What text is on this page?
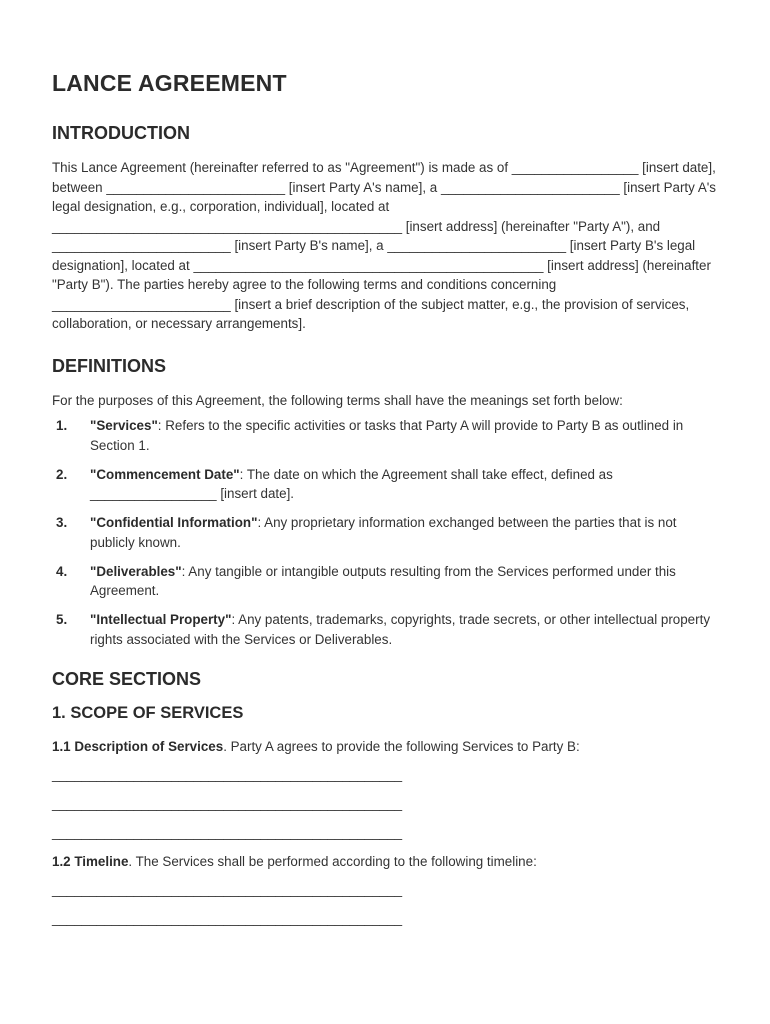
LANCE AGREEMENT
INTRODUCTION

This Lance Agreement (hereinafter referred to as "Agreement") is made as of _________________ [insert date], between ________________________ [insert Party A's name], a ________________________ [insert Party A's legal designation, e.g., corporation, individual], located at _______________________________________________ [insert address] (hereinafter "Party A"), and ________________________ [insert Party B's name], a ________________________ [insert Party B's legal designation], located at _______________________________________________ [insert address] (hereinafter "Party B"). The parties hereby agree to the following terms and conditions concerning ________________________ [insert a brief description of the subject matter, e.g., the provision of services, collaboration, or necessary arrangements].

DEFINITIONS

For the purposes of this Agreement, the following terms shall have the meanings set forth below:

1.	"Services": Refers to the specific activities or tasks that Party A will provide to Party B as outlined in Section 1.
2.	"Commencement Date": The date on which the Agreement shall take effect, defined as _________________ [insert date].
3.	"Confidential Information": Any proprietary information exchanged between the parties that is not publicly known.
4.	"Deliverables": Any tangible or intangible outputs resulting from the Services performed under this Agreement.
5.	"Intellectual Property": Any patents, trademarks, copyrights, trade secrets, or other intellectual property rights associated with the Services or Deliverables.
CORE SECTIONS
1. SCOPE OF SERVICES

1.1 Description of Services. Party A agrees to provide the following Services to Party B:

_______________________________________________

_______________________________________________

_______________________________________________

1.2 Timeline. The Services shall be performed according to the following timeline:

_______________________________________________

_______________________________________________
